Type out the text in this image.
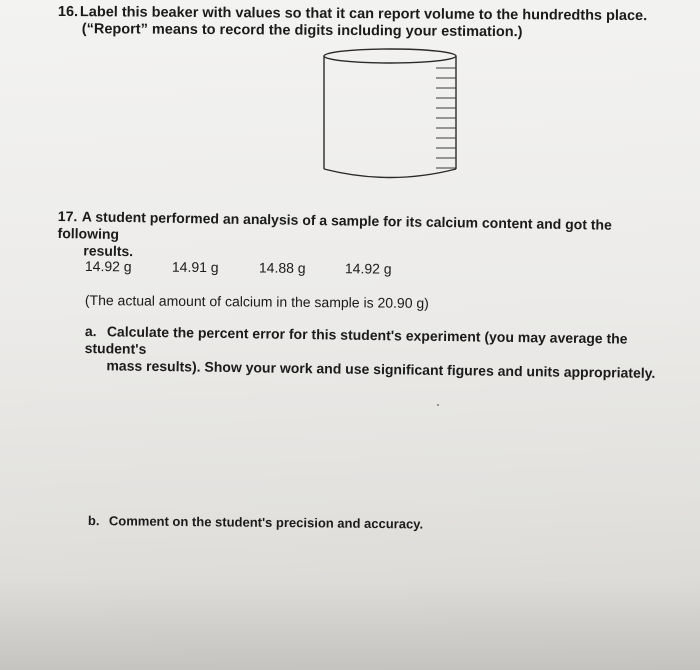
16. Label this beaker with values so that it can report volume to the hundredths place.
(“Report” means to record the digits including your estimation.)
17. A student performed an analysis of a sample for its calcium content and got the following
results.
14.92 g	14.91 g	14.88 g	14.92 g
(The actual amount of calcium in the sample is 20.90 g)
a. Calculate the percent error for this student's experiment (you may average the student's
mass results). Show your work and use significant figures and units appropriately.
b. Comment on the student's precision and accuracy.
